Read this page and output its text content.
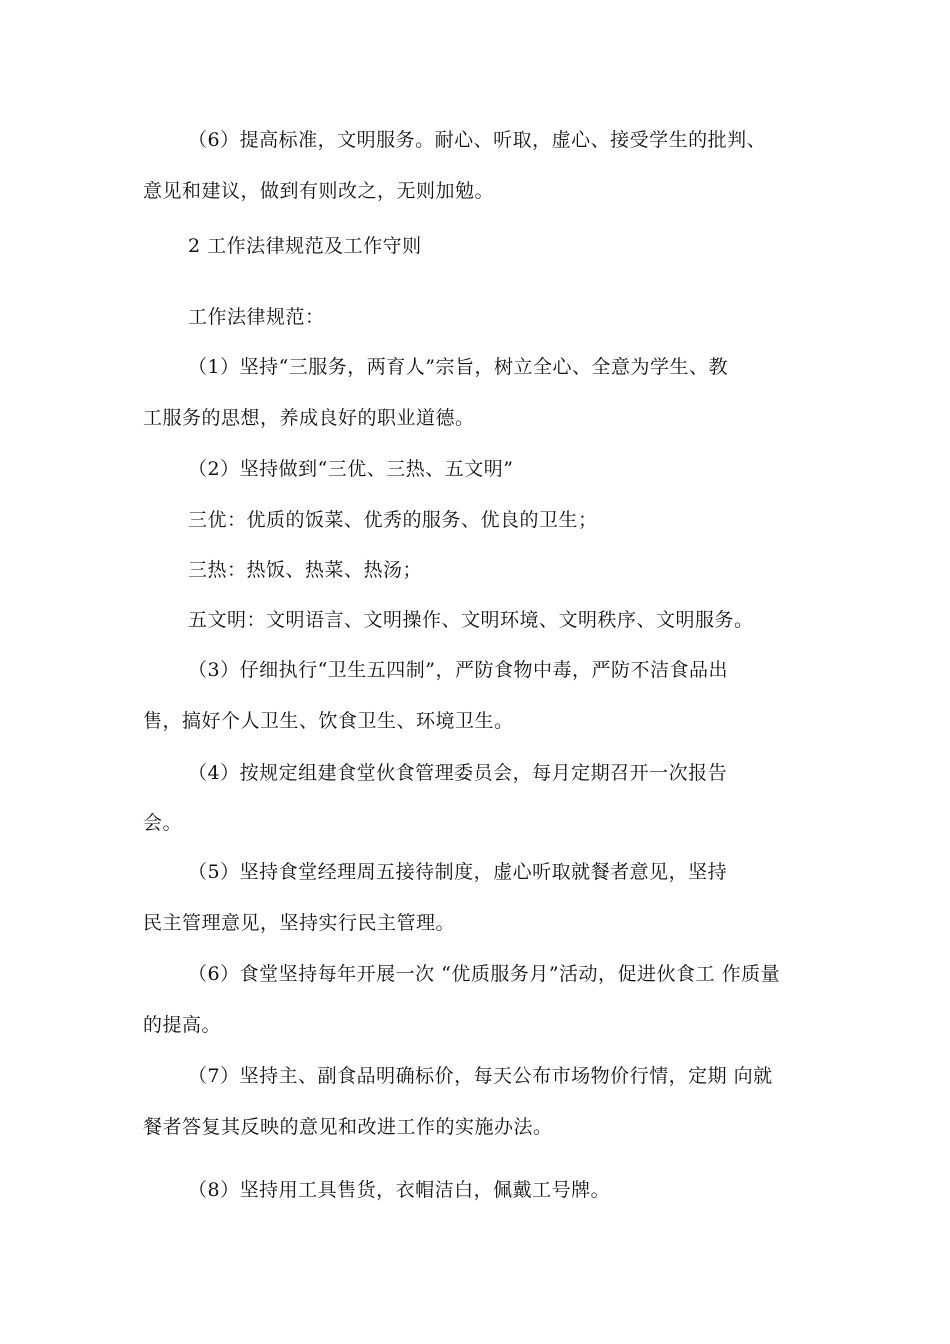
（6）提高标准，文明服务。耐心、听取，虚心、接受学生的批判、
意见和建议，做到有则改之，无则加勉。
2 工作法律规范及工作守则
工作法律规范：
（1）坚持“三服务，两育人”宗旨，树立全心、全意为学生、教
工服务的思想，养成良好的职业道德。
（2）坚持做到“三优、三热、五文明”
三优：优质的饭菜、优秀的服务、优良的卫生；
三热：热饭、热菜、热汤；
五文明：文明语言、文明操作、文明环境、文明秩序、文明服务。
（3）仔细执行“卫生五四制”，严防食物中毒，严防不洁食品出
售，搞好个人卫生、饮食卫生、环境卫生。
（4）按规定组建食堂伙食管理委员会，每月定期召开一次报告
会。
（5）坚持食堂经理周五接待制度，虚心听取就餐者意见，坚持
民主管理意见，坚持实行民主管理。
（6）食堂坚持每年开展一次 “优质服务月”活动，促进伙食工 作质量
的提高。
（7）坚持主、副食品明确标价，每天公布市场物价行情，定期 向就
餐者答复其反映的意见和改进工作的实施办法。
（8）坚持用工具售货，衣帽洁白，佩戴工号牌。
